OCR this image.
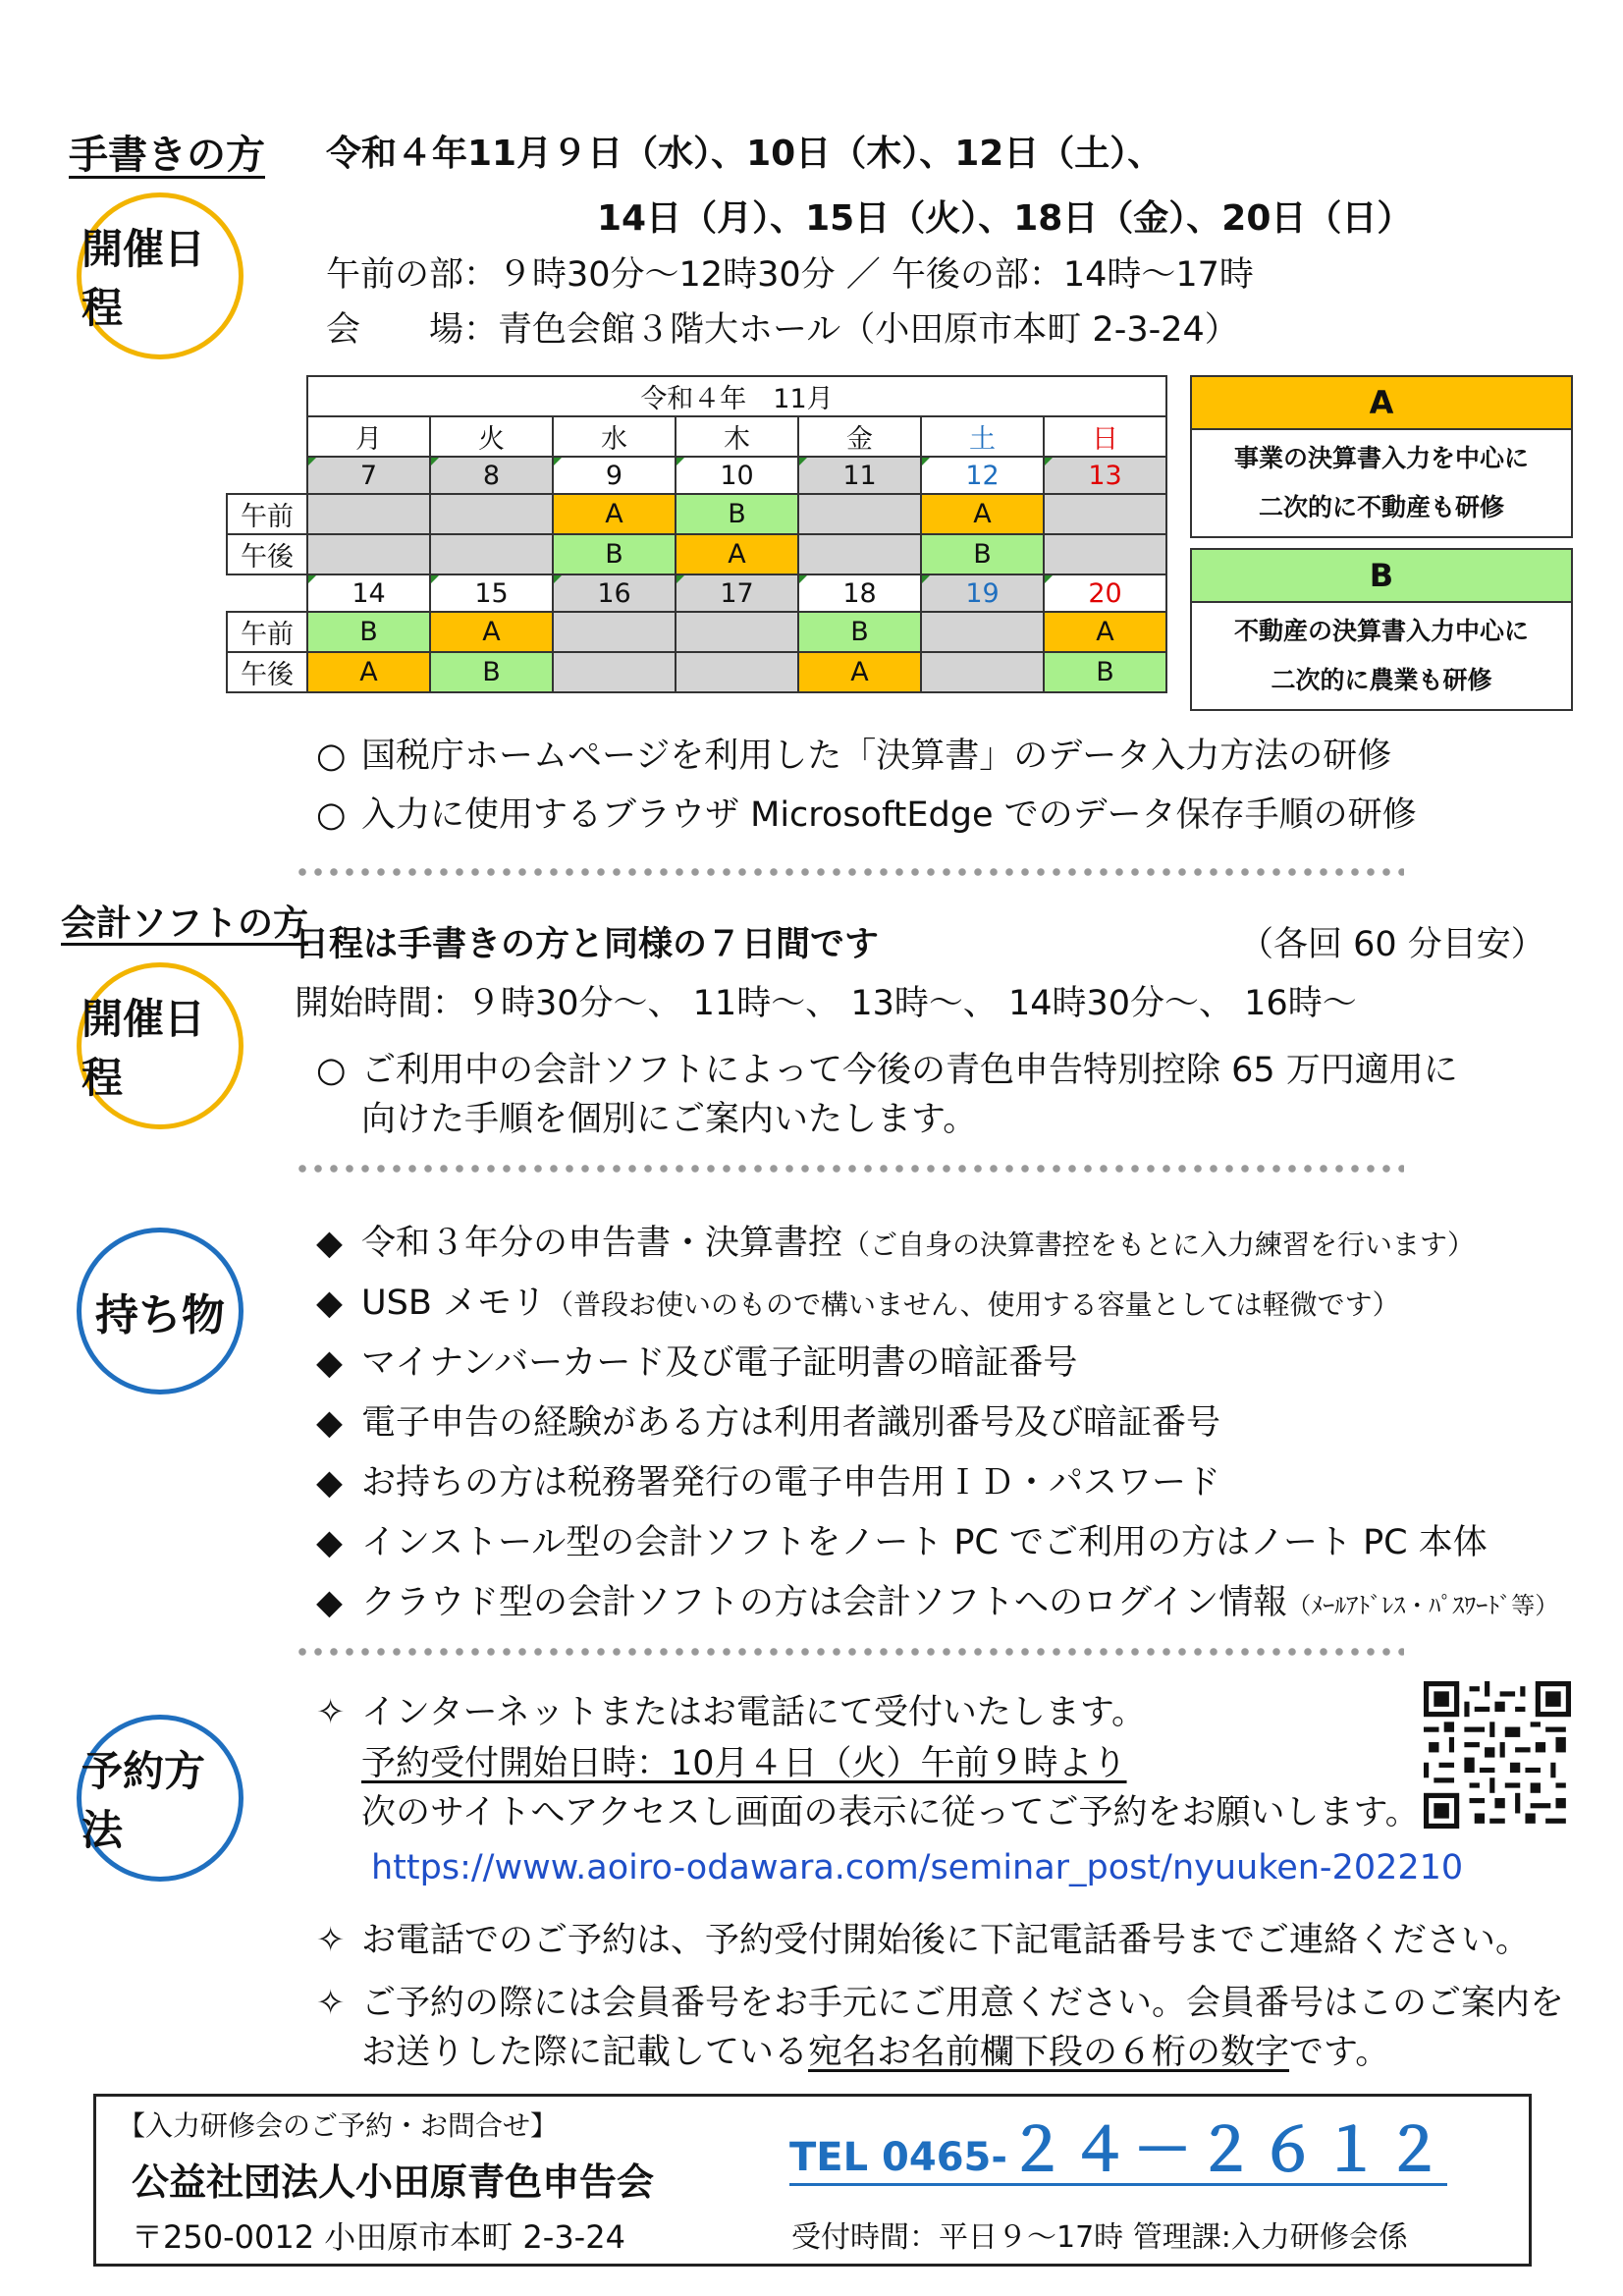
手書きの方
開催日程
令和４年11月９日（水）、10日（木）、12日（土）、
14日（月）、15日（火）、18日（金）、20日（日）
午前の部：９時30分～12時30分 ／ 午後の部：14時～17時
会　　場：青色会館３階大ホール（小田原市本町 2-3-24）
	令和４年　11月						
	月	火	水	木	金	土	日
	7	8	9	10	11	12	13
午前			A	B		A	
午後			B	A		B	
	14	15	16	17	18	19	20
午前	B	A			B		A
午後	A	B			A		B
A
事業の決算書入力を中心に
二次的に不動産も研修
B
不動産の決算書入力中心に
二次的に農業も研修
○ 国税庁ホームページを利用した「決算書」のデータ入力方法の研修
○ 入力に使用するブラウザ MicrosoftEdge でのデータ保存手順の研修
会計ソフトの方
開催日程
日程は手書きの方と同様の７日間です	（各回 60 分目安）
開始時間：９時30分～、 11時～、 13時～、 14時30分～、 16時～
○ ご利用中の会計ソフトによって今後の青色申告特別控除 65 万円適用に
向けた手順を個別にご案内いたします。
持ち物
◆ 令和３年分の申告書・決算書控（ご自身の決算書控をもとに入力練習を行います）
◆ USB メモリ（普段お使いのもので構いません、使用する容量としては軽微です）
◆ マイナンバーカード及び電子証明書の暗証番号
◆ 電子申告の経験がある方は利用者識別番号及び暗証番号
◆ お持ちの方は税務署発行の電子申告用ＩＤ・パスワード
◆ インストール型の会計ソフトをノート PC でご利用の方はノート PC 本体
◆ クラウド型の会計ソフトの方は会計ソフトへのログイン情報（ﾒｰﾙｱﾄﾞﾚｽ・ﾊﾟｽﾜｰﾄﾞ等）
予約方法
✧ インターネットまたはお電話にて受付いたします。
予約受付開始日時：10月４日（火）午前９時より
次のサイトへアクセスし画面の表示に従ってご予約をお願いします。
https://www.aoiro-odawara.com/seminar_post/nyuuken-202210
✧ お電話でのご予約は、予約受付開始後に下記電話番号までご連絡ください。
✧ ご予約の際には会員番号をお手元にご用意ください。会員番号はこのご案内を
お送りした際に記載している宛名お名前欄下段の６桁の数字です。
【入力研修会のご予約・お問合せ】
公益社団法人小田原青色申告会
〒250-0012 小田原市本町 2-3-24
TEL 0465-２４－２６１２
受付時間：平日９～17時 管理課:入力研修会係
